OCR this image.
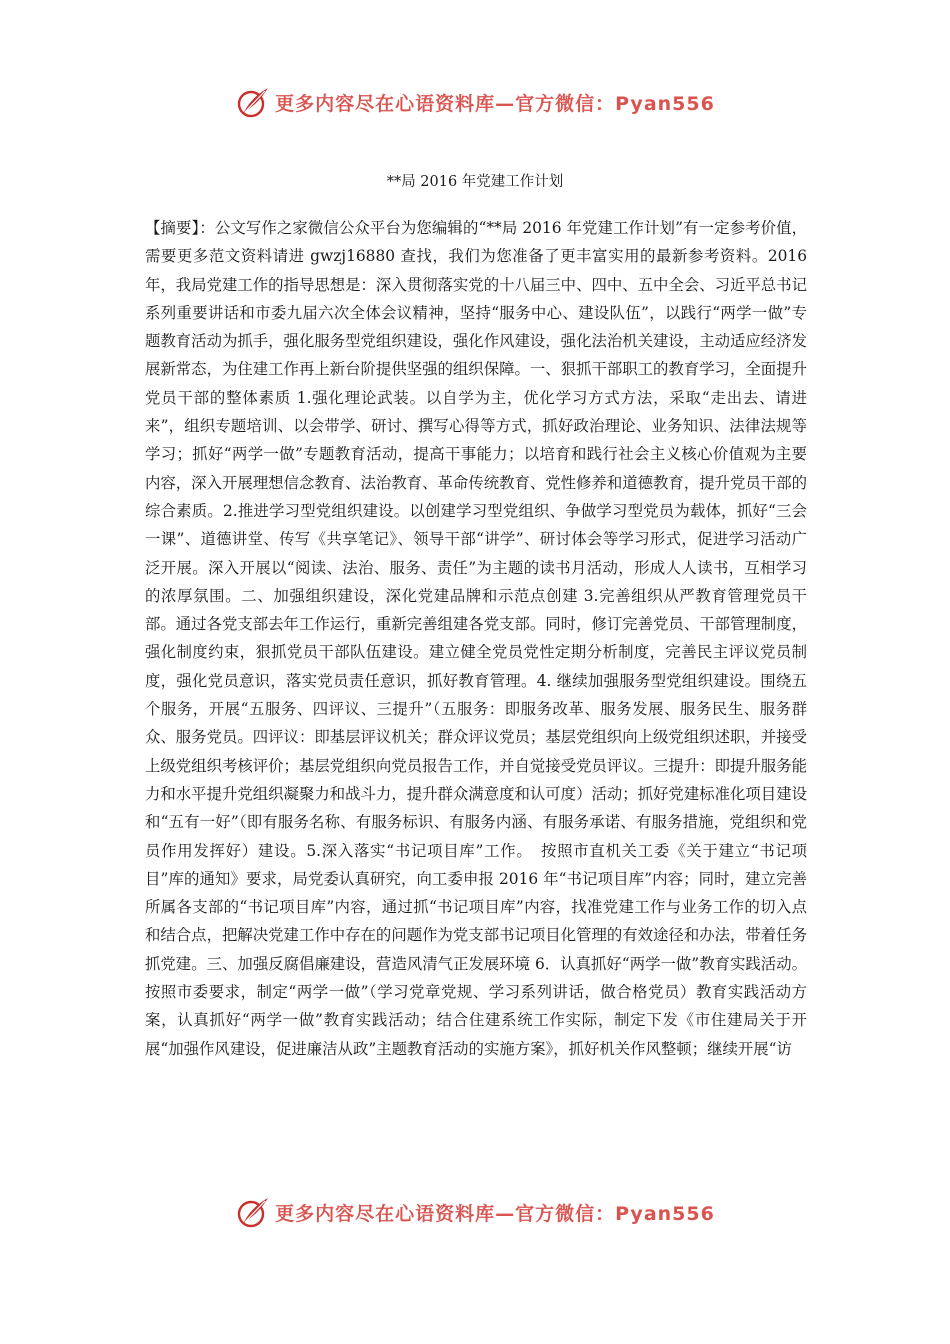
更多内容尽在心语资料库—官方微信：Pyan556
**局 2016 年党建工作计划

【摘要】：公文写作之家微信公众平台为您编辑的“**局 2016 年党建工作计划”有一定参考价值，需要更多范文资料请进 gwzj16880 查找，我们为您准备了更丰富实用的最新参考资料。2016 年，我局党建工作的指导思想是：深入贯彻落实党的十八届三中、四中、五中全会、习近平总书记系列重要讲话和市委九届六次全体会议精神，坚持“服务中心、建设队伍”，以践行“两学一做”专题教育活动为抓手，强化服务型党组织建设，强化作风建设，强化法治机关建设，主动适应经济发展新常态，为住建工作再上新台阶提供坚强的组织保障。一、狠抓干部职工的教育学习，全面提升党员干部的整体素质 1.强化理论武装。以自学为主，优化学习方式方法，采取“走出去、请进来”，组织专题培训、以会带学、研讨、撰写心得等方式，抓好政治理论、业务知识、法律法规等学习；抓好“两学一做”专题教育活动，提高干事能力；以培育和践行社会主义核心价值观为主要内容，深入开展理想信念教育、法治教育、革命传统教育、党性修养和道德教育，提升党员干部的综合素质。2.推进学习型党组织建设。以创建学习型党组织、争做学习型党员为载体，抓好“三会一课”、道德讲堂、传写《共享笔记》、领导干部“讲学”、研讨体会等学习形式，促进学习活动广泛开展。深入开展以“阅读、法治、服务、责任”为主题的读书月活动，形成人人读书，互相学习的浓厚氛围。二、加强组织建设，深化党建品牌和示范点创建 3.完善组织从严教育管理党员干部。通过各党支部去年工作运行，重新完善组建各党支部。同时，修订完善党员、干部管理制度，强化制度约束，狠抓党员干部队伍建设。建立健全党员党性定期分析制度，完善民主评议党员制度，强化党员意识，落实党员责任意识，抓好教育管理。4. 继续加强服务型党组织建设。围绕五个服务，开展“五服务、四评议、三提升”（五服务：即服务改革、服务发展、服务民生、服务群众、服务党员。四评议：即基层评议机关；群众评议党员；基层党组织向上级党组织述职，并接受上级党组织考核评价；基层党组织向党员报告工作，并自觉接受党员评议。三提升：即提升服务能力和水平提升党组织凝聚力和战斗力，提升群众满意度和认可度）活动；抓好党建标准化项目建设和“五有一好”（即有服务名称、有服务标识、有服务内涵、有服务承诺、有服务措施，党组织和党员作用发挥好）建设。5.深入落实“书记项目库”工作。　按照市直机关工委《关于建立“书记项目”库的通知》要求，局党委认真研究，向工委申报 2016 年“书记项目库”内容；同时，建立完善所属各支部的“书记项目库”内容，通过抓“书记项目库”内容，找准党建工作与业务工作的切入点和结合点，把解决党建工作中存在的问题作为党支部书记项目化管理的有效途径和办法，带着任务抓党建。三、加强反腐倡廉建设，营造风清气正发展环境 6．认真抓好“两学一做”教育实践活动。按照市委要求，制定“两学一做”（学习党章党规、学习系列讲话，做合格党员）教育实践活动方案，认真抓好“两学一做”教育实践活动；结合住建系统工作实际，制定下发《市住建局关于开展“加强作风建设，促进廉洁从政”主题教育活动的实施方案》，抓好机关作风整顿；继续开展“访

更多内容尽在心语资料库—官方微信：Pyan556
